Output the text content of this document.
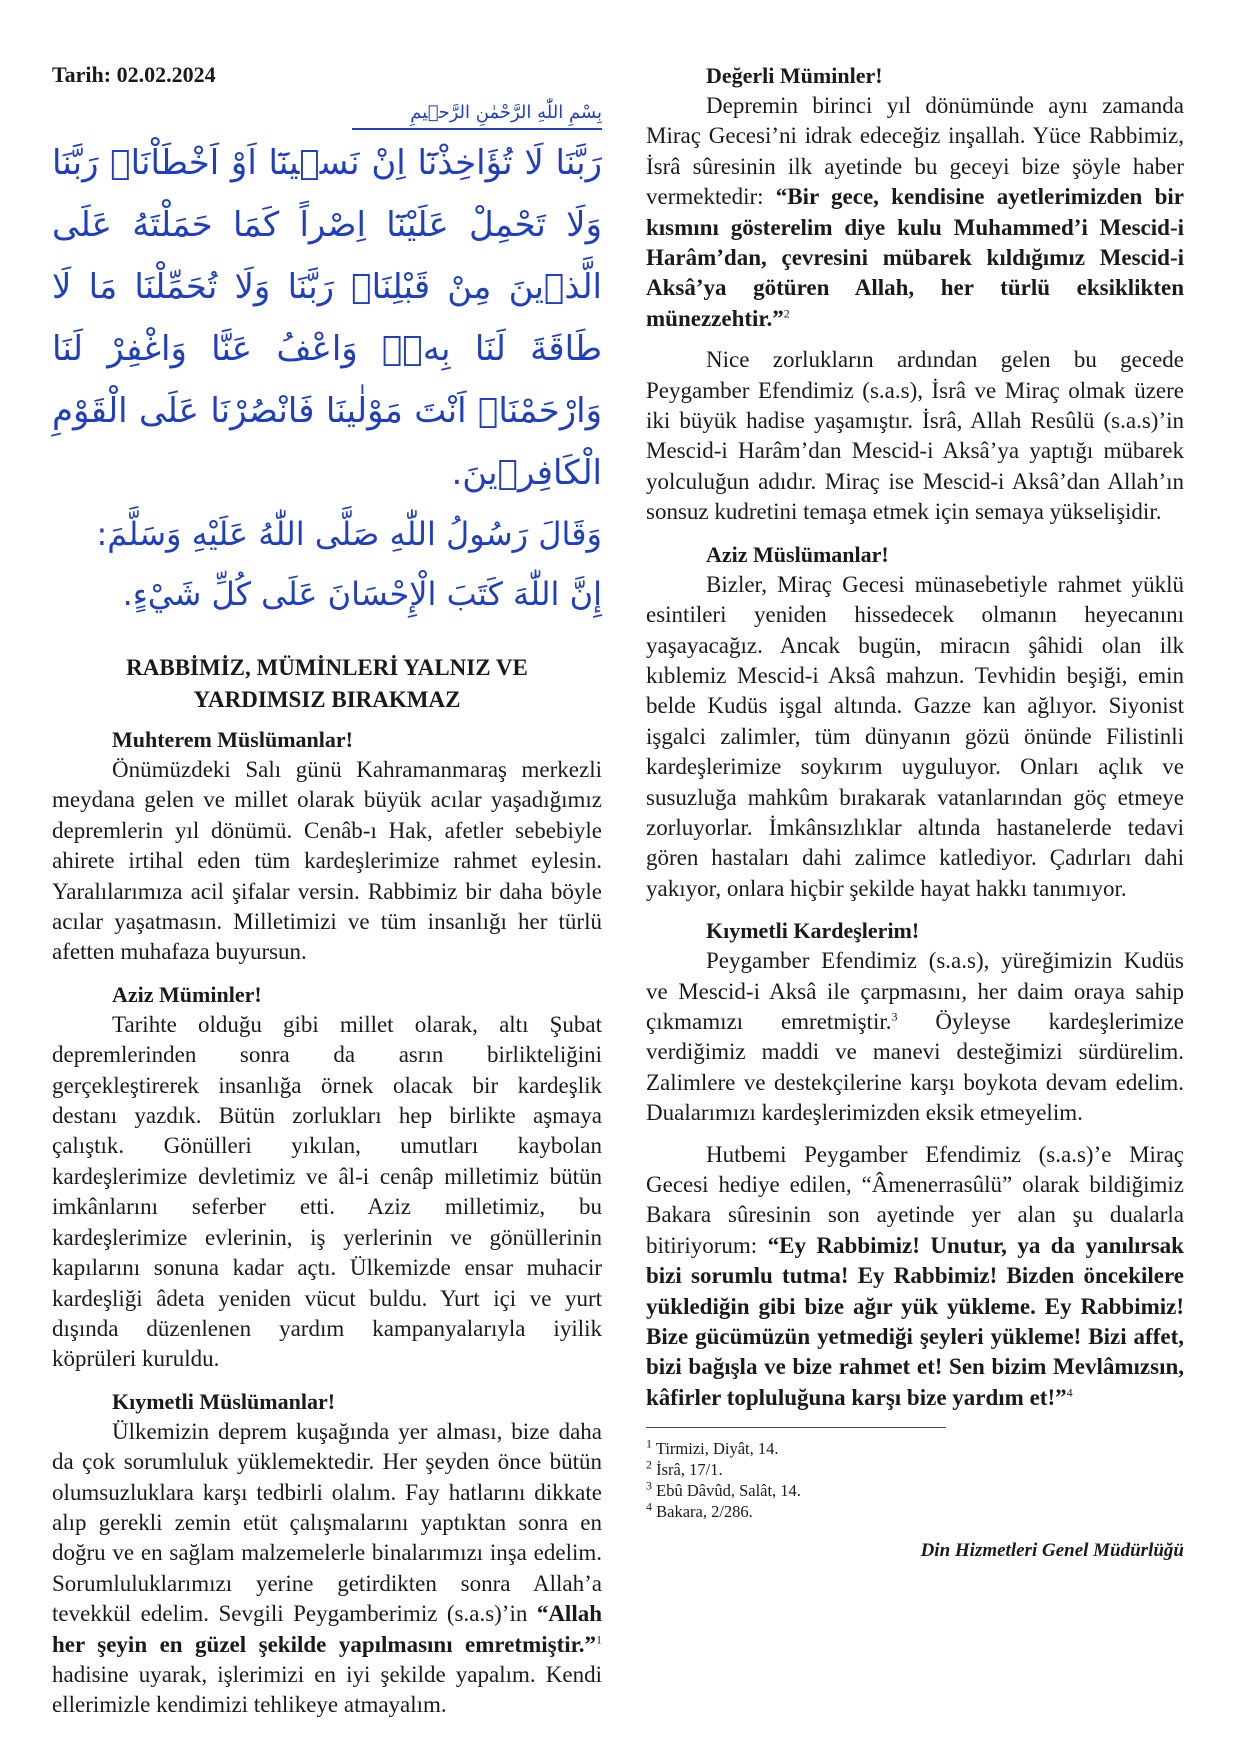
Tarih: 02.02.2024

بِسْمِ اللّٰهِ الرَّحْمٰنِ الرَّح۪يمِ

رَبَّنَا لَا تُؤَاخِذْنَٓا اِنْ نَس۪ينَٓا اَوْ اَخْطَاْنَاۚ رَبَّنَا وَلَا تَحْمِلْ عَلَيْنَٓا اِصْراً كَمَا حَمَلْتَهُ عَلَى الَّذ۪ينَ مِنْ قَبْلِنَاۚ رَبَّنَا وَلَا تُحَمِّلْنَا مَا لَا طَاقَةَ لَنَا بِه۪ۚ وَاعْفُ عَنَّا وَاغْفِرْ لَنَا وَارْحَمْنَاۜ اَنْتَ مَوْلٰينَا فَانْصُرْنَا عَلَى الْقَوْمِ الْكَافِر۪ينَ.

وَقَالَ رَسُولُ اللّٰهِ صَلَّى اللّٰهُ عَلَيْهِ وَسَلَّمَ:

إِنَّ اللّٰهَ كَتَبَ الْإِحْسَانَ عَلَى كُلِّ شَيْءٍ.

RABBİMİZ, MÜMİNLERİ YALNIZ VE
YARDIMSIZ BIRAKMAZ

Muhterem Müslümanlar!

Önümüzdeki Salı günü Kahramanmaraş merkezli meydana gelen ve millet olarak büyük acılar yaşadığımız depremlerin yıl dönümü. Cenâb-ı Hak, afetler sebebiyle ahirete irtihal eden tüm kardeşlerimize rahmet eylesin. Yaralılarımıza acil şifalar versin. Rabbimiz bir daha böyle acılar yaşatmasın. Milletimizi ve tüm insanlığı her türlü afetten muhafaza buyursun.

Aziz Müminler!

Tarihte olduğu gibi millet olarak, altı Şubat depremlerinden sonra da asrın birlikteliğini gerçekleştirerek insanlığa örnek olacak bir kardeşlik destanı yazdık. Bütün zorlukları hep birlikte aşmaya çalıştık. Gönülleri yıkılan, umutları kaybolan kardeşlerimize devletimiz ve âl-i cenâp milletimiz bütün imkânlarını seferber etti. Aziz milletimiz, bu kardeşlerimize evlerinin, iş yerlerinin ve gönüllerinin kapılarını sonuna kadar açtı. Ülkemizde ensar muhacir kardeşliği âdeta yeniden vücut buldu. Yurt içi ve yurt dışında düzenlenen yardım kampanyalarıyla iyilik köprüleri kuruldu.

Kıymetli Müslümanlar!

Ülkemizin deprem kuşağında yer alması, bize daha da çok sorumluluk yüklemektedir. Her şeyden önce bütün olumsuzluklara karşı tedbirli olalım. Fay hatlarını dikkate alıp gerekli zemin etüt çalışmalarını yaptıktan sonra en doğru ve en sağlam malzemelerle binalarımızı inşa edelim. Sorumluluklarımızı yerine getirdikten sonra Allah’a tevekkül edelim. Sevgili Peygamberimiz (s.a.s)’in “Allah her şeyin en güzel şekilde yapılmasını emretmiştir.”$^1$ hadisine uyarak, işlerimizi en iyi şekilde yapalım. Kendi ellerimizle kendimizi tehlikeye atmayalım.

Değerli Müminler!

Depremin birinci yıl dönümünde aynı zamanda Miraç Gecesi’ni idrak edeceğiz inşallah. Yüce Rabbimiz, İsrâ sûresinin ilk ayetinde bu geceyi bize şöyle haber vermektedir: “Bir gece, kendisine ayetlerimizden bir kısmını gösterelim diye kulu Muhammed’i Mescid-i Harâm’dan, çevresini mübarek kıldığımız Mescid-i Aksâ’ya götüren Allah, her türlü eksiklikten münezzehtir.”$^2$

Nice zorlukların ardından gelen bu gecede Peygamber Efendimiz (s.a.s), İsrâ ve Miraç olmak üzere iki büyük hadise yaşamıştır. İsrâ, Allah Resûlü (s.a.s)’in Mescid-i Harâm’dan Mescid-i Aksâ’ya yaptığı mübarek yolculuğun adıdır. Miraç ise Mescid-i Aksâ’dan Allah’ın sonsuz kudretini temaşa etmek için semaya yükselişidir.

Aziz Müslümanlar!

Bizler, Miraç Gecesi münasebetiyle rahmet yüklü esintileri yeniden hissedecek olmanın heyecanını yaşayacağız. Ancak bugün, miracın şâhidi olan ilk kıblemiz Mescid-i Aksâ mahzun. Tevhidin beşiği, emin belde Kudüs işgal altında. Gazze kan ağlıyor. Siyonist işgalci zalimler, tüm dünyanın gözü önünde Filistinli kardeşlerimize soykırım uyguluyor. Onları açlık ve susuzluğa mahkûm bırakarak vatanlarından göç etmeye zorluyorlar. İmkânsızlıklar altında hastanelerde tedavi gören hastaları dahi zalimce katlediyor. Çadırları dahi yakıyor, onlara hiçbir şekilde hayat hakkı tanımıyor.

Kıymetli Kardeşlerim!

Peygamber Efendimiz (s.a.s), yüreğimizin Kudüs ve Mescid-i Aksâ ile çarpmasını, her daim oraya sahip çıkmamızı emretmiştir.$^3$ Öyleyse kardeşlerimize verdiğimiz maddi ve manevi desteğimizi sürdürelim. Zalimlere ve destekçilerine karşı boykota devam edelim. Dualarımızı kardeşlerimizden eksik etmeyelim.

Hutbemi Peygamber Efendimiz (s.a.s)’e Miraç Gecesi hediye edilen, “Âmenerrasûlü” olarak bildiğimiz Bakara sûresinin son ayetinde yer alan şu dualarla bitiriyorum: “Ey Rabbimiz! Unutur, ya da yanılırsak bizi sorumlu tutma! Ey Rabbimiz! Bizden öncekilere yüklediğin gibi bize ağır yük yükleme. Ey Rabbimiz! Bize gücümüzün yetmediği şeyleri yükleme! Bizi affet, bizi bağışla ve bize rahmet et! Sen bizim Mevlâmızsın, kâfirler topluluğuna karşı bize yardım et!”$^4$

$^1$ Tirmizi, Diyât, 14.

$^2$ İsrâ, 17/1.

$^3$ Ebû Dâvûd, Salât, 14.

$^4$ Bakara, 2/286.

Din Hizmetleri Genel Müdürlüğü
